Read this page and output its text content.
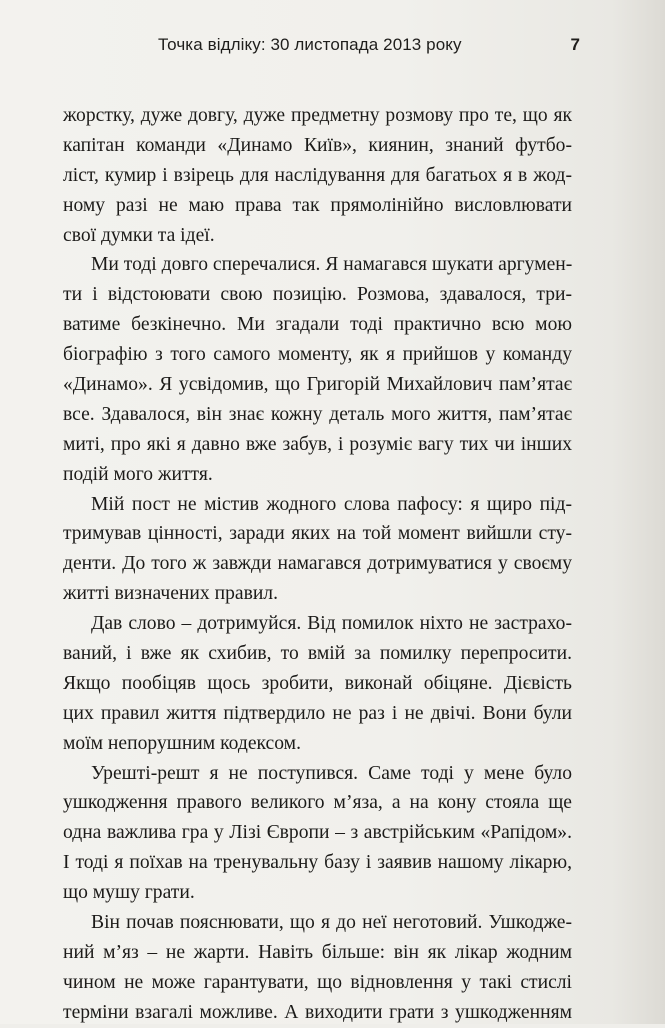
Точка відліку: 30 листопада 2013 року	7

жорстку, дуже довгу, дуже предметну розмову про те, що як
капітан команди «Динамо Київ», киянин, знаний футбо-
ліст, кумир і взірець для наслідування для багатьох я в жод-
ному разі не маю права так прямолінійно висловлювати
свої думки та ідеї.

Ми тоді довго сперечалися. Я намагався шукати аргумен-
ти і відстоювати свою позицію. Розмова, здавалося, три-
ватиме безкінечно. Ми згадали тоді практично всю мою
біографію з того самого моменту, як я прийшов у команду
«Динамо». Я усвідомив, що Григорій Михайлович пам’ятає
все. Здавалося, він знає кожну деталь мого життя, пам’ятає
миті, про які я давно вже забув, і розуміє вагу тих чи інших
подій мого життя.

Мій пост не містив жодного слова пафосу: я щиро під-
тримував цінності, заради яких на той момент вийшли сту-
денти. До того ж завжди намагався дотримуватися у своєму
житті визначених правил.

Дав слово – дотримуйся. Від помилок ніхто не застрахо-
ваний, і вже як схибив, то вмій за помилку перепросити.
Якщо пообіцяв щось зробити, виконай обіцяне. Дієвість
цих правил життя підтвердило не раз і не двічі. Вони були
моїм непорушним кодексом.

Урешті-решт я не поступився. Саме тоді у мене було
ушкодження правого великого м’яза, а на кону стояла ще
одна важлива гра у Лізі Європи – з австрійським «Рапідом».
І тоді я поїхав на тренувальну базу і заявив нашому лікарю,
що мушу грати.

Він почав пояснювати, що я до неї неготовий. Ушкодже-
ний м’яз – не жарти. Навіть більше: він як лікар жодним
чином не може гарантувати, що відновлення у такі стислі
терміни взагалі можливе. А виходити грати з ушкодженням
